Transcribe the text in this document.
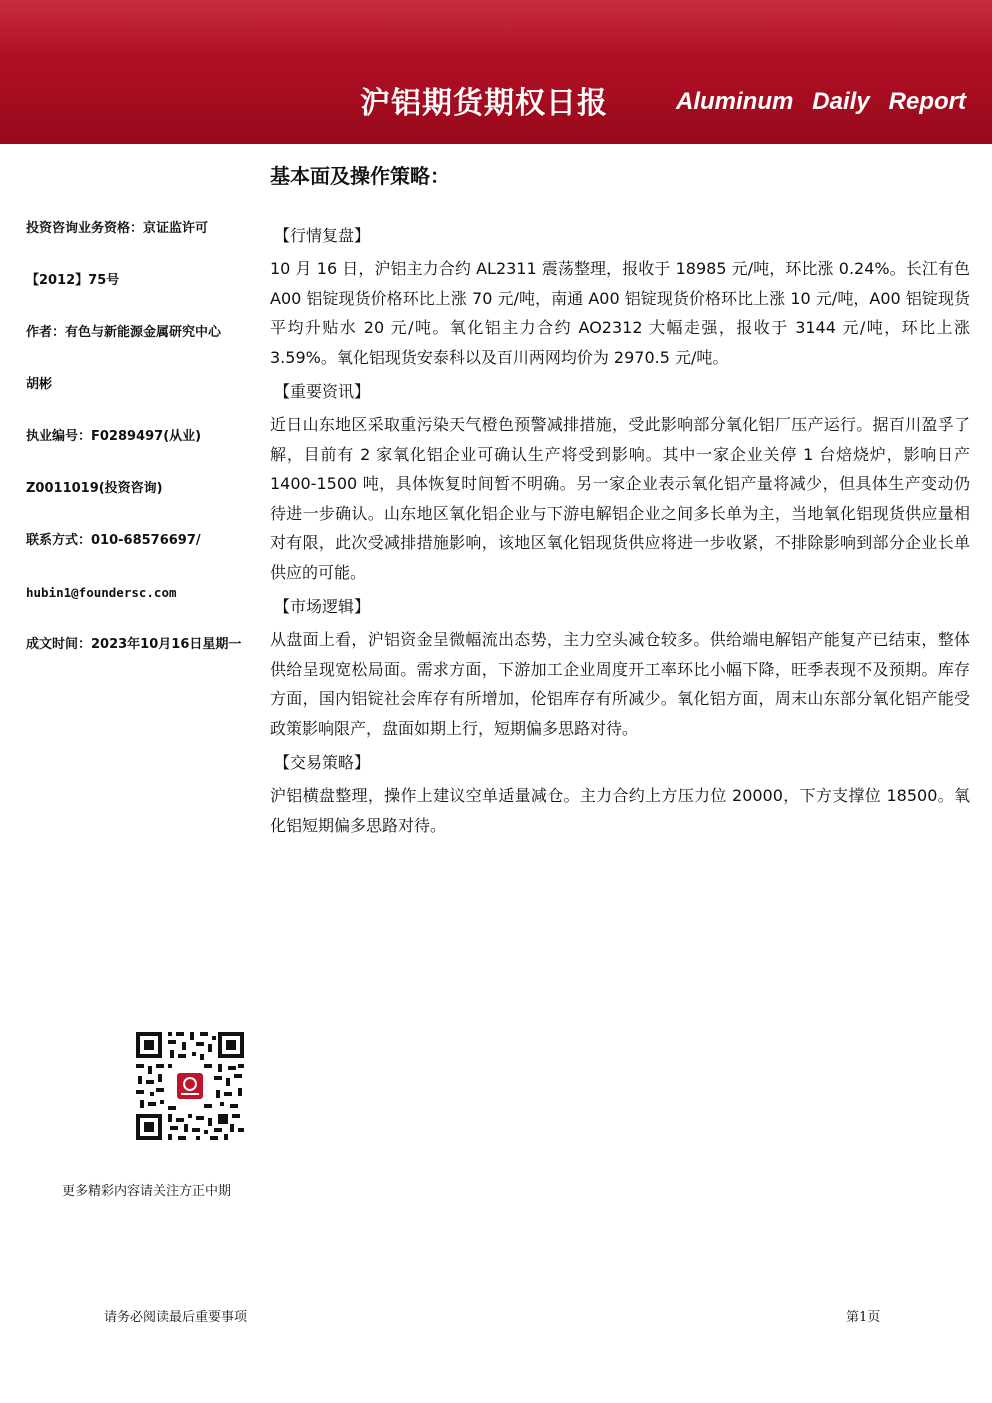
沪铝期货期权日报	Aluminum Daily Report
基本面及操作策略：
投资咨询业务资格：京证监许可
【2012】75号
作者：有色与新能源金属研究中心
胡彬
执业编号：F0289497(从业)
Z0011019(投资咨询)
联系方式：010-68576697/
hubin1@foundersc.com
成文时间：2023年10月16日星期一
【行情复盘】
10 月 16 日，沪铝主力合约 AL2311 震荡整理，报收于 18985 元/吨，环比涨 0.24%。长江有色 A00 铝锭现货价格环比上涨 70 元/吨，南通 A00 铝锭现货价格环比上涨 10 元/吨，A00 铝锭现货平均升贴水 20 元/吨。氧化铝主力合约 AO2312 大幅走强，报收于 3144 元/吨，环比上涨 3.59%。氧化铝现货安泰科以及百川两网均价为 2970.5 元/吨。
【重要资讯】
近日山东地区采取重污染天气橙色预警减排措施，受此影响部分氧化铝厂压产运行。据百川盈孚了解，目前有 2 家氧化铝企业可确认生产将受到影响。其中一家企业关停 1 台焙烧炉，影响日产 1400-1500 吨，具体恢复时间暂不明确。另一家企业表示氧化铝产量将减少，但具体生产变动仍待进一步确认。山东地区氧化铝企业与下游电解铝企业之间多长单为主，当地氧化铝现货供应量相对有限，此次受减排措施影响，该地区氧化铝现货供应将进一步收紧，不排除影响到部分企业长单供应的可能。
【市场逻辑】
从盘面上看，沪铝资金呈微幅流出态势，主力空头减仓较多。供给端电解铝产能复产已结束，整体供给呈现宽松局面。需求方面，下游加工企业周度开工率环比小幅下降，旺季表现不及预期。库存方面，国内铝锭社会库存有所增加，伦铝库存有所减少。氧化铝方面，周末山东部分氧化铝产能受政策影响限产，盘面如期上行，短期偏多思路对待。
【交易策略】
沪铝横盘整理，操作上建议空单适量减仓。主力合约上方压力位 20000，下方支撑位 18500。氧化铝短期偏多思路对待。
更多精彩内容请关注方正中期
请务必阅读最后重要事项	第1页
